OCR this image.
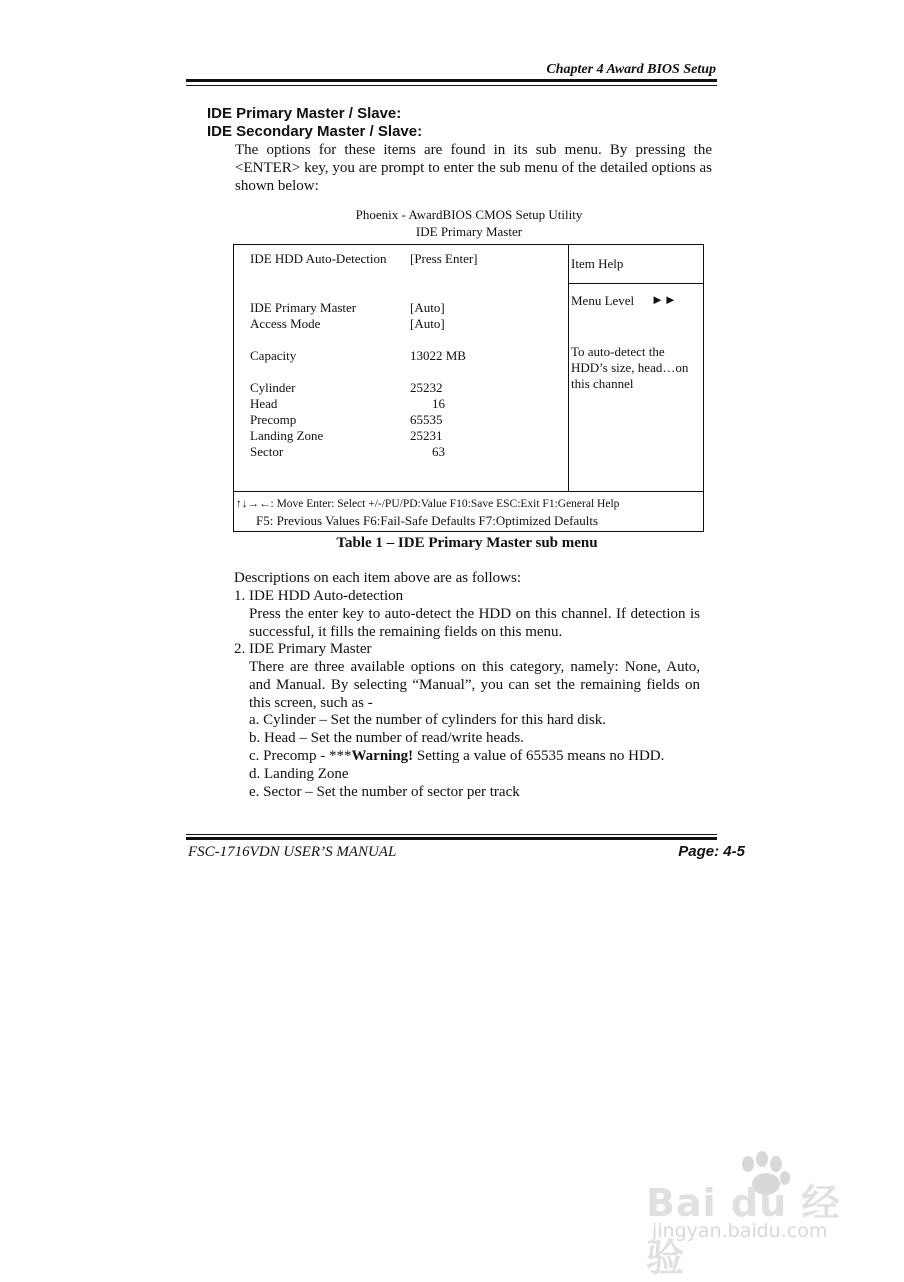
Chapter 4 Award BIOS Setup
IDE Primary Master / Slave:
IDE Secondary Master / Slave:
The options for these items are found in its sub menu. By pressing the <ENTER> key, you are prompt to enter the sub menu of the detailed options as shown below:
Phoenix - AwardBIOS CMOS Setup Utility
IDE Primary Master
IDE HDD Auto-Detection [Press Enter]
IDE Primary Master	[Auto]
Access Mode	[Auto]
Capacity	13022 MB
Cylinder	25232
Head	16
Precomp	65535
Landing Zone	25231
Sector	63
Item Help
Menu Level ►►
To auto-detect the
HDD’s size, head…on
this channel
↑↓→←: Move Enter: Select +/-/PU/PD:Value F10:Save ESC:Exit F1:General Help
F5: Previous Values F6:Fail-Safe Defaults F7:Optimized Defaults
Table 1 – IDE Primary Master sub menu
Descriptions on each item above are as follows:
1. IDE HDD Auto-detection
Press the enter key to auto-detect the HDD on this channel. If detection is successful, it fills the remaining fields on this menu.
2. IDE Primary Master
There are three available options on this category, namely: None, Auto, and Manual. By selecting “Manual”, you can set the remaining fields on this screen, such as -
a. Cylinder – Set the number of cylinders for this hard disk.
b. Head – Set the number of read/write heads.
c. Precomp - ***Warning! Setting a value of 65535 means no HDD.
d. Landing Zone
e. Sector – Set the number of sector per track
FSC-1716VDN USER’S MANUAL	Page: 4-5
Bai du 经验
jingyan.baidu.com
